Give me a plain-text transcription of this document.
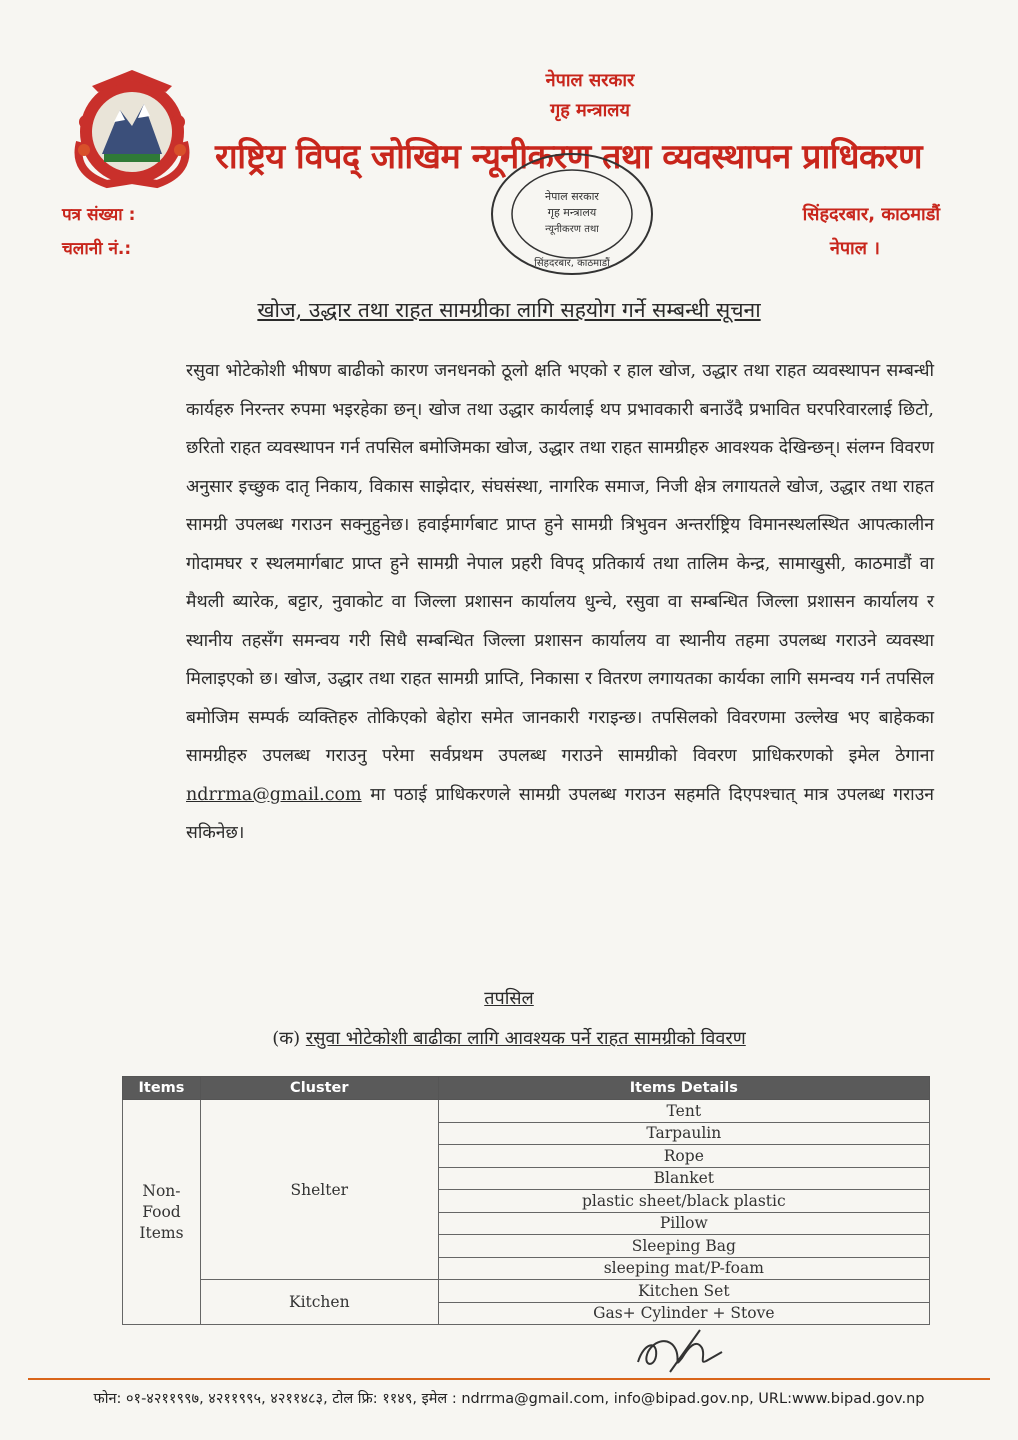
नेपाल सरकार
गृह मन्त्रालय
राष्ट्रिय विपद् जोखिम न्यूनीकरण तथा व्यवस्थापन प्राधिकरण
नेपाल सरकार
गृह मन्त्रालय
न्यूनीकरण तथा
सिंहदरबार, काठमाडौं
पत्र संख्या :
चलानी नं.:
सिंहदरबार, काठमाडौं
नेपाल ।
खोज, उद्धार तथा राहत सामग्रीका लागि सहयोग गर्ने सम्बन्धी सूचना
रसुवा भोटेकोशी भीषण बाढीको कारण जनधनको ठूलो क्षति भएको र हाल खोज, उद्धार तथा राहत व्यवस्थापन सम्बन्धी कार्यहरु निरन्तर रुपमा भइरहेका छन्। खोज तथा उद्धार कार्यलाई थप प्रभावकारी बनाउँदै प्रभावित घरपरिवारलाई छिटो, छरितो राहत व्यवस्थापन गर्न तपसिल बमोजिमका खोज, उद्धार तथा राहत सामग्रीहरु आवश्यक देखिन्छन्। संलग्न विवरण अनुसार इच्छुक दातृ निकाय, विकास साझेदार, संघसंस्था, नागरिक समाज, निजी क्षेत्र लगायतले खोज, उद्धार तथा राहत सामग्री उपलब्ध गराउन सक्नुहुनेछ। हवाईमार्गबाट प्राप्त हुने सामग्री त्रिभुवन अन्तर्राष्ट्रिय विमानस्थलस्थित आपत्कालीन गोदामघर र स्थलमार्गबाट प्राप्त हुने सामग्री नेपाल प्रहरी विपद् प्रतिकार्य तथा तालिम केन्द्र, सामाखुसी, काठमाडौं वा मैथली ब्यारेक, बट्टार, नुवाकोट वा जिल्ला प्रशासन कार्यालय धुन्चे, रसुवा वा सम्बन्धित जिल्ला प्रशासन कार्यालय र स्थानीय तहसँग समन्वय गरी सिधै सम्बन्धित जिल्ला प्रशासन कार्यालय वा स्थानीय तहमा उपलब्ध गराउने व्यवस्था मिलाइएको छ। खोज, उद्धार तथा राहत सामग्री प्राप्ति, निकासा र वितरण लगायतका कार्यका लागि समन्वय गर्न तपसिल बमोजिम सम्पर्क व्यक्तिहरु तोकिएको बेहोरा समेत जानकारी गराइन्छ। तपसिलको विवरणमा उल्लेख भए बाहेकका सामग्रीहरु उपलब्ध गराउनु परेमा सर्वप्रथम उपलब्ध गराउने सामग्रीको विवरण प्राधिकरणको इमेल ठेगाना ndrrma@gmail.com मा पठाई प्राधिकरणले सामग्री उपलब्ध गराउन सहमति दिएपश्चात् मात्र उपलब्ध गराउन सकिनेछ।
तपसिल
(क) रसुवा भोटेकोशी बाढीका लागि आवश्यक पर्ने राहत सामग्रीको विवरण
Items	Cluster	Items Details
Non-
Food
Items	Shelter	Tent
		Tarpaulin
		Rope
		Blanket
		plastic sheet/black plastic
		Pillow
		Sleeping Bag
		sleeping mat/P-foam
	Kitchen	Kitchen Set
		Gas+ Cylinder + Stove
फोन: ०१-४२११९९७, ४२११९९५, ४२११४८३, टोल फ्रि: ११४९, इमेल : ndrrma@gmail.com, info@bipad.gov.np, URL:www.bipad.gov.np
